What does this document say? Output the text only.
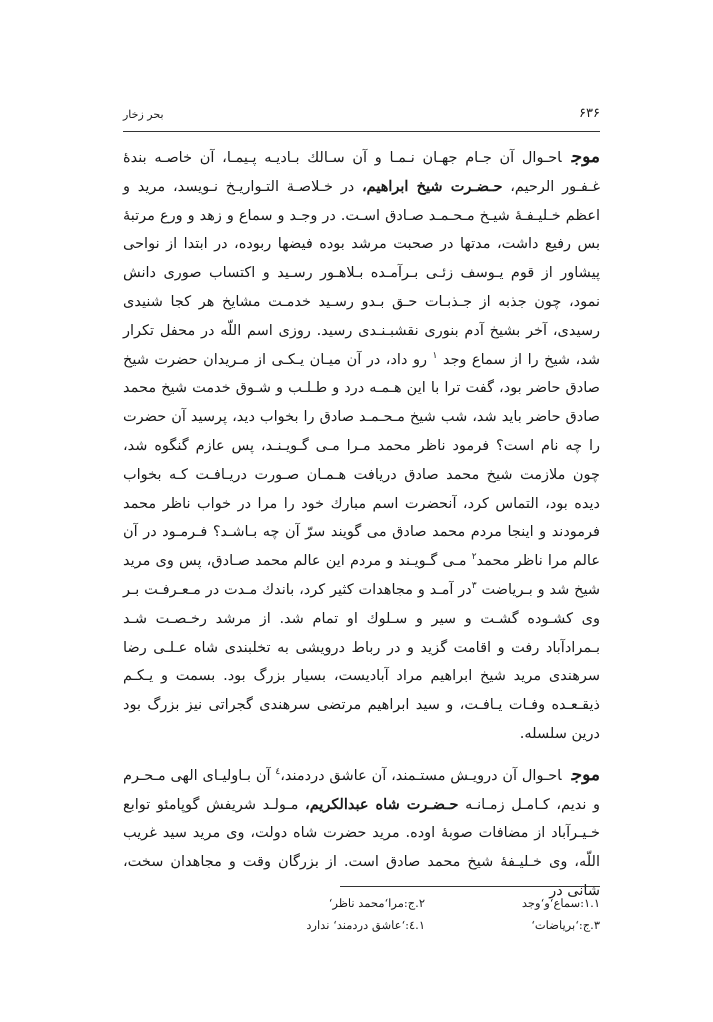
۶۳۶
بحر زخار

موجاحـوال آن جـام جهـان نـمـا و آن سـالك بـاديـه پـيمـا، آن خاصـه بندهٔ غـفـور الرحيم، حـضـرت شيخ ابراهيم، در خـلاصـة التـواريـخ نـويسد، مريد و اعظم خـليـفـهٔ شيـخ مـحـمـد صـادق اسـت. در وجـد و سماع و زهد و ورع مرتبهٔ بس رفيع داشت، مدتها در صحبت مرشد بوده فيضها ربوده، در ابتدا از نواحى پيشاور از قوم يـوسف زئـى بـرآمـده بـلاهـور رسـيد و اكتساب صورى دانش نمود، چون جذبه از جـذبـات حـق بـدو رسـيد خدمـت مشايخ هر كجا شنيدى رسيدى، آخر بشيخ آدم بنورى نقشبـنـدى رسيد. روزى اسم اللّه در محفل تكرار شد، شيخ را از سماع وجد $^١$ رو داد، در آن ميـان يـكـى از مـريدان حضرت شيخ صادق حاضر بود، گفت ترا با اين هـمـه درد و طـلـب و شـوق خدمت شيخ محمد صادق حاضر بايد شد، شب شيخ مـحـمـد صادق را بخواب ديد، پرسيد آن حضرت را چه نام است؟ فرمود ناظر محمد مـرا مـى گـويـنـد، پس عازم گنگوه شد، چون ملازمت شيخ محمد صادق دريافت هـمـان صـورت دريـافـت كـه بخواب ديده بود، التماس كرد، آنحضرت اسم مبارك خود را مرا در خواب ناظر محمد فرمودند و اينجا مردم محمد صادق مى گويند سرّ آن چه بـاشـد؟ فـرمـود در آن عالم مرا ناظر محمد$^٢$ مـى گـويـند و مردم اين عالم محمد صـادق، پس وى مريد شيخ شد و بـرياضت $^٣$در آمـد و مجاهدات كثير كرد، باندك مـدت در مـعـرفـت بـر وى كشـوده گشـت و سير و سـلوك او تمام شد. از مرشد رخـصـت شـد بـمرادآباد رفت و اقامت گزيد و در رباط درويشى به تخلبندى شاه عـلـى رضا سرهندى مريد شيخ ابراهيم مراد آباديست، بسيار بزرگ بود. بسمت و يـكـم ذيقـعـده وفـات يـافـت، و سيد ابراهيم مرتضى سرهندى گجراتى نيز بزرگ بود درين سلسله.

موجاحـوال آن درويـش مستـمند، آن عاشق دردمند،$^٤$ آن بـاوليـاى الهى مـحـرم و نديم، كـامـل زمـانـه حـضـرت شاه عبدالكريم، مـولـد شريفش گوپامئو توابع خـيـرآباد از مضافات صوبهٔ اوده. مريد حضرت شاه دولت، وى مريد سيد غريب اللّه، وى خـليـفهٔ شيخ محمد صادق است. از بزرگان وقت و مجاهدان سخت، شانى در

١.١:سماع‘و‘وجد
٢.ج:مرا‘محمد ناظر‘
٣.ج:‘برياضات‘
٤.١:‘عاشق دردمند‘ ندارد
